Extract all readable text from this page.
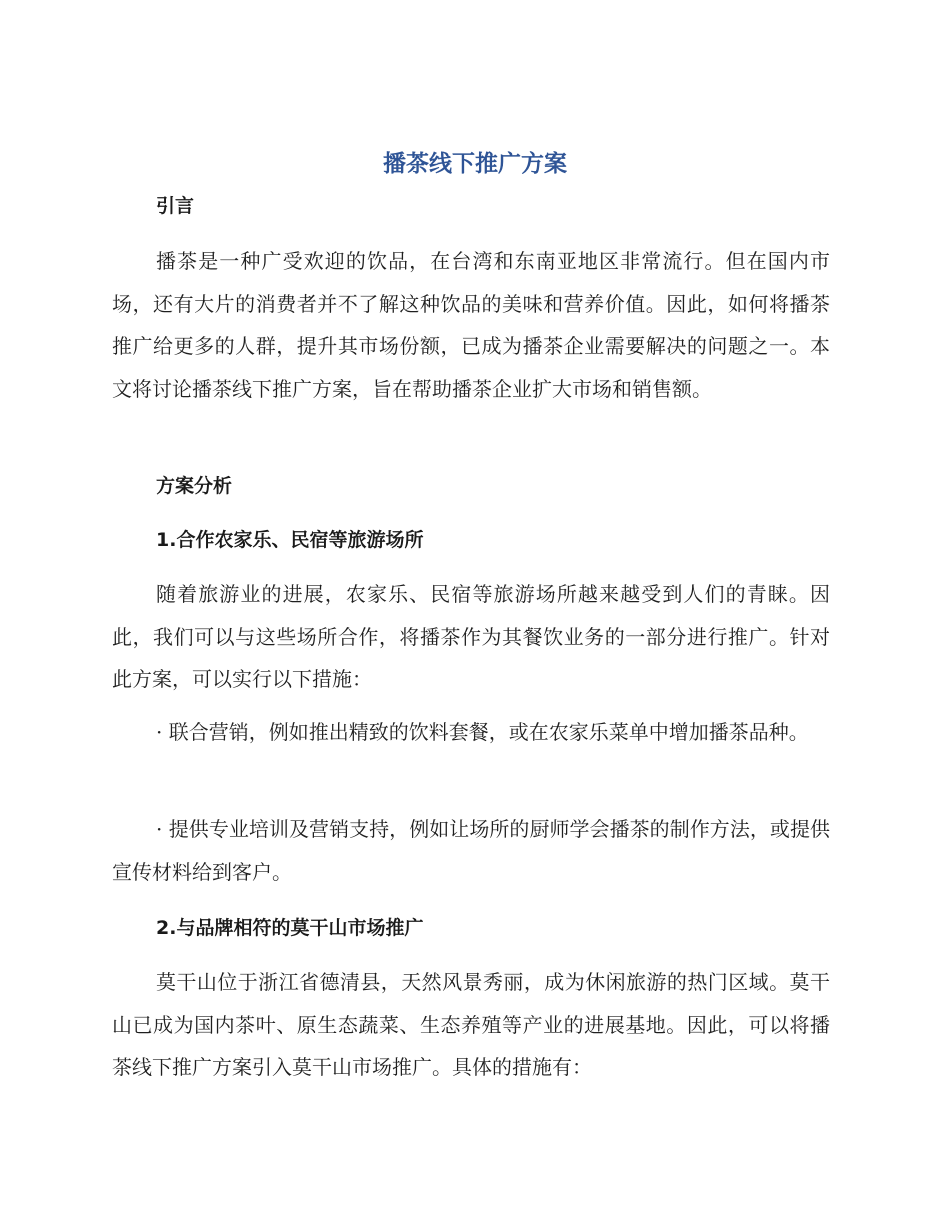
播茶线下推广方案
引言
播茶是一种广受欢迎的饮品，在台湾和东南亚地区非常流行。但在国内市场，还有大片的消费者并不了解这种饮品的美味和营养价值。因此，如何将播茶推广给更多的人群，提升其市场份额，已成为播茶企业需要解决的问题之一。本文将讨论播茶线下推广方案，旨在帮助播茶企业扩大市场和销售额。
方案分析
1.合作农家乐、民宿等旅游场所
随着旅游业的进展，农家乐、民宿等旅游场所越来越受到人们的青睐。因此，我们可以与这些场所合作，将播茶作为其餐饮业务的一部分进行推广。针对此方案，可以实行以下措施：
· 联合营销，例如推出精致的饮料套餐，或在农家乐菜单中增加播茶品种。
· 提供专业培训及营销支持，例如让场所的厨师学会播茶的制作方法，或提供宣传材料给到客户。
2.与品牌相符的莫干山市场推广
莫干山位于浙江省德清县，天然风景秀丽，成为休闲旅游的热门区域。莫干山已成为国内茶叶、原生态蔬菜、生态养殖等产业的进展基地。因此，可以将播茶线下推广方案引入莫干山市场推广。具体的措施有：
